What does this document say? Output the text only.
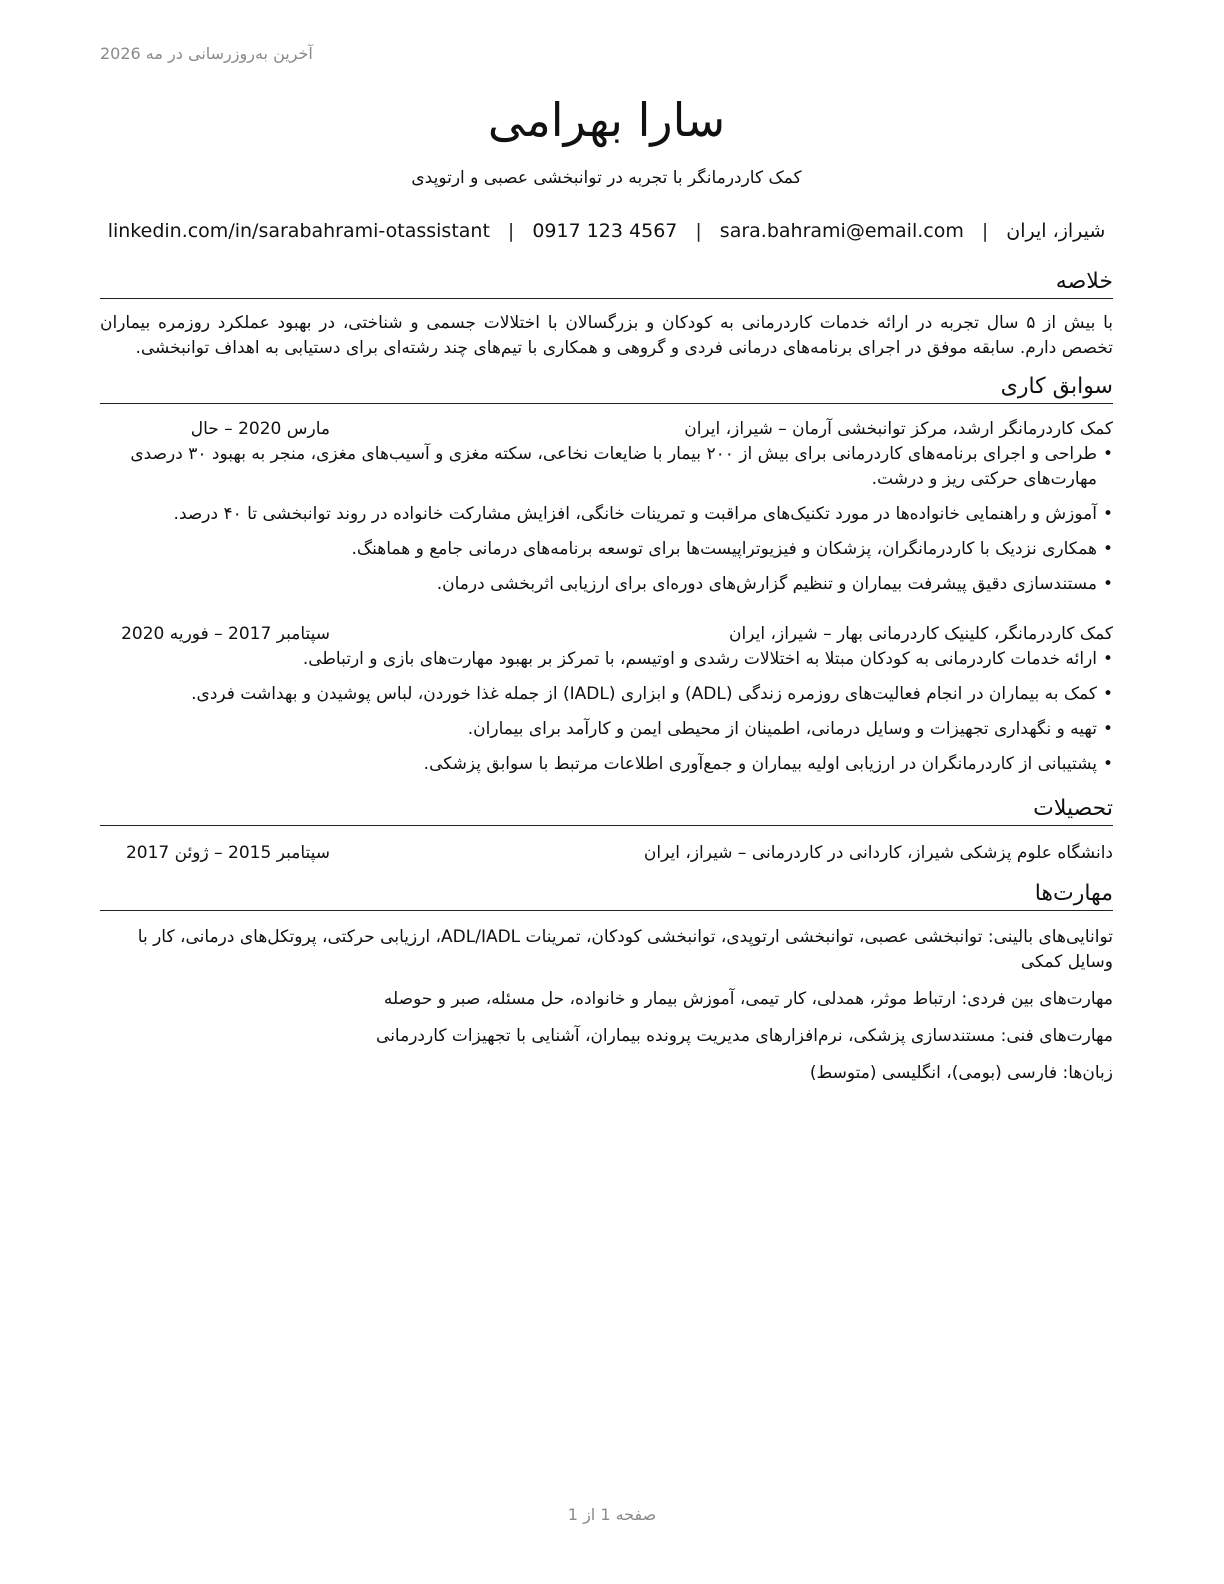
آخرین به‌روزرسانی در مه 2026
سارا بهرامی
کمک کاردرمانگر با تجربه در توانبخشی عصبی و ارتوپدی
شیراز، ایران
|
sara.bahrami@email.com
|
0917 123 4567
|
linkedin.com/in/sarabahrami-otassistant
خلاصه
با بیش از ۵ سال تجربه در ارائه خدمات کاردرمانی به کودکان و بزرگسالان با اختلالات جسمی و شناختی، در بهبود عملکرد روزمره بیماران تخصص دارم. سابقه موفق در اجرای برنامه‌های درمانی فردی و گروهی و همکاری با تیم‌های چند رشته‌ای برای دستیابی به اهداف توانبخشی.
سوابق کاری
کمک کاردرمانگر ارشد، مرکز توانبخشی آرمان – شیراز، ایران
مارس 2020 – حال
• طراحی و اجرای برنامه‌های کاردرمانی برای بیش از ۲۰۰ بیمار با ضایعات نخاعی، سکته مغزی و آسیب‌های مغزی، منجر به بهبود ۳۰ درصدی مهارت‌های حرکتی ریز و درشت.
• آموزش و راهنمایی خانواده‌ها در مورد تکنیک‌های مراقبت و تمرینات خانگی، افزایش مشارکت خانواده در روند توانبخشی تا ۴۰ درصد.
• همکاری نزدیک با کاردرمانگران، پزشکان و فیزیوتراپیست‌ها برای توسعه برنامه‌های درمانی جامع و هماهنگ.
• مستندسازی دقیق پیشرفت بیماران و تنظیم گزارش‌های دوره‌ای برای ارزیابی اثربخشی درمان.
کمک کاردرمانگر، کلینیک کاردرمانی بهار – شیراز، ایران
سپتامبر 2017 – فوریه 2020
• ارائه خدمات کاردرمانی به کودکان مبتلا به اختلالات رشدی و اوتیسم، با تمرکز بر بهبود مهارت‌های بازی و ارتباطی.
• کمک به بیماران در انجام فعالیت‌های روزمره زندگی (ADL) و ابزاری (IADL) از جمله غذا خوردن، لباس پوشیدن و بهداشت فردی.
• تهیه و نگهداری تجهیزات و وسایل درمانی، اطمینان از محیطی ایمن و کارآمد برای بیماران.
• پشتیبانی از کاردرمانگران در ارزیابی اولیه بیماران و جمع‌آوری اطلاعات مرتبط با سوابق پزشکی.
تحصیلات
دانشگاه علوم پزشکی شیراز، کاردانی در کاردرمانی – شیراز، ایران
سپتامبر 2015 – ژوئن 2017
مهارت‌ها

توانایی‌های بالینی: توانبخشی عصبی، توانبخشی ارتوپدی، توانبخشی کودکان، تمرینات ADL/IADL، ارزیابی حرکتی، پروتکل‌های درمانی، کار با وسایل کمکی

مهارت‌های بین فردی: ارتباط موثر، همدلی، کار تیمی، آموزش بیمار و خانواده، حل مسئله، صبر و حوصله

مهارت‌های فنی: مستندسازی پزشکی، نرم‌افزارهای مدیریت پرونده بیماران، آشنایی با تجهیزات کاردرمانی

زبان‌ها: فارسی (بومی)، انگلیسی (متوسط)

صفحه 1 از 1
